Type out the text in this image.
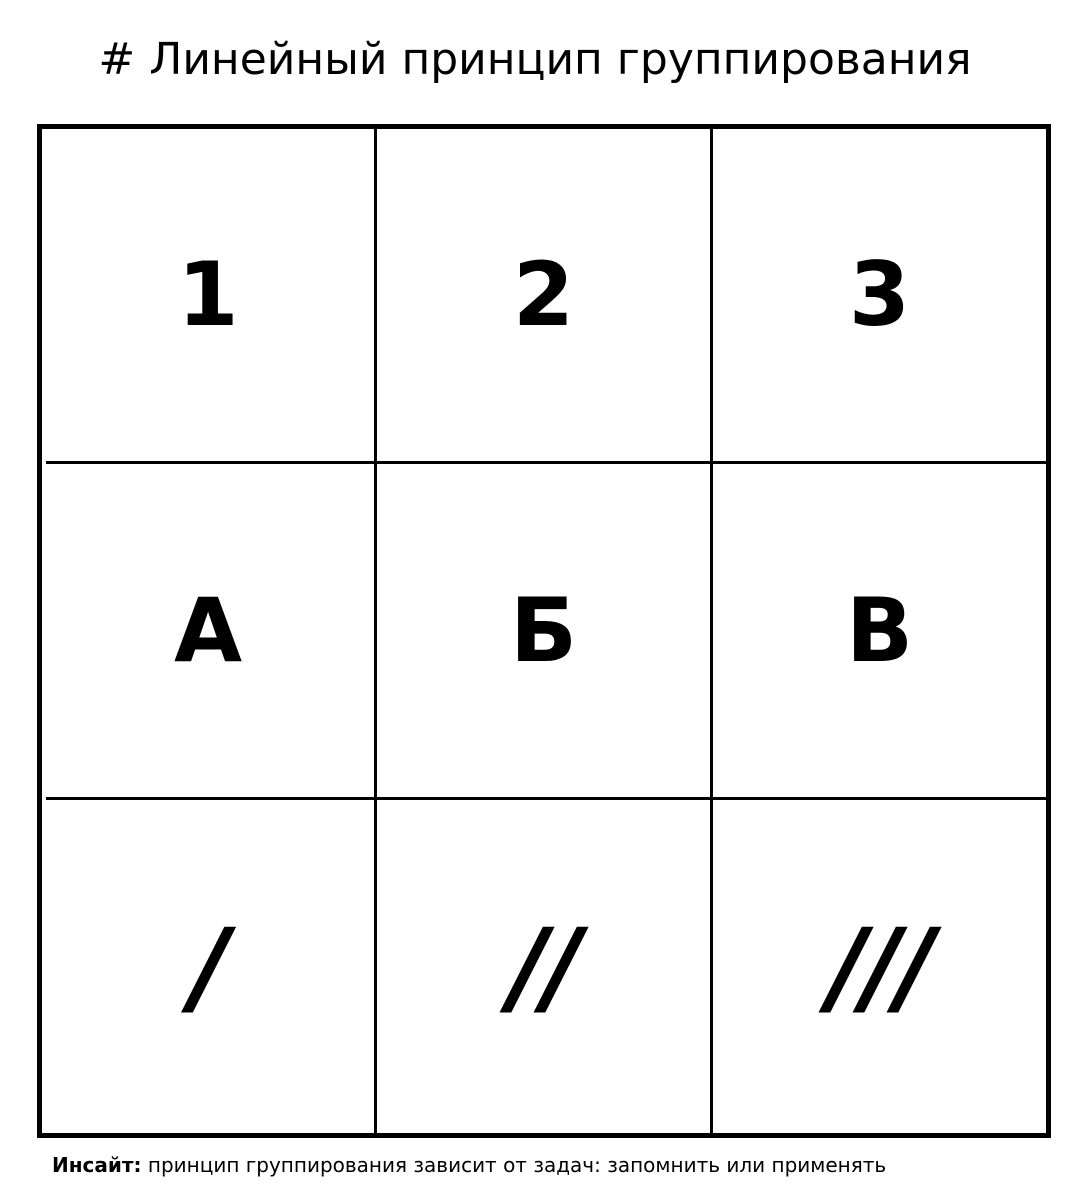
# Линейный принцип группирования
1	2	3
А	Б	В
/	//	///
Инсайт: принцип группирования зависит от задач: запомнить или применять
